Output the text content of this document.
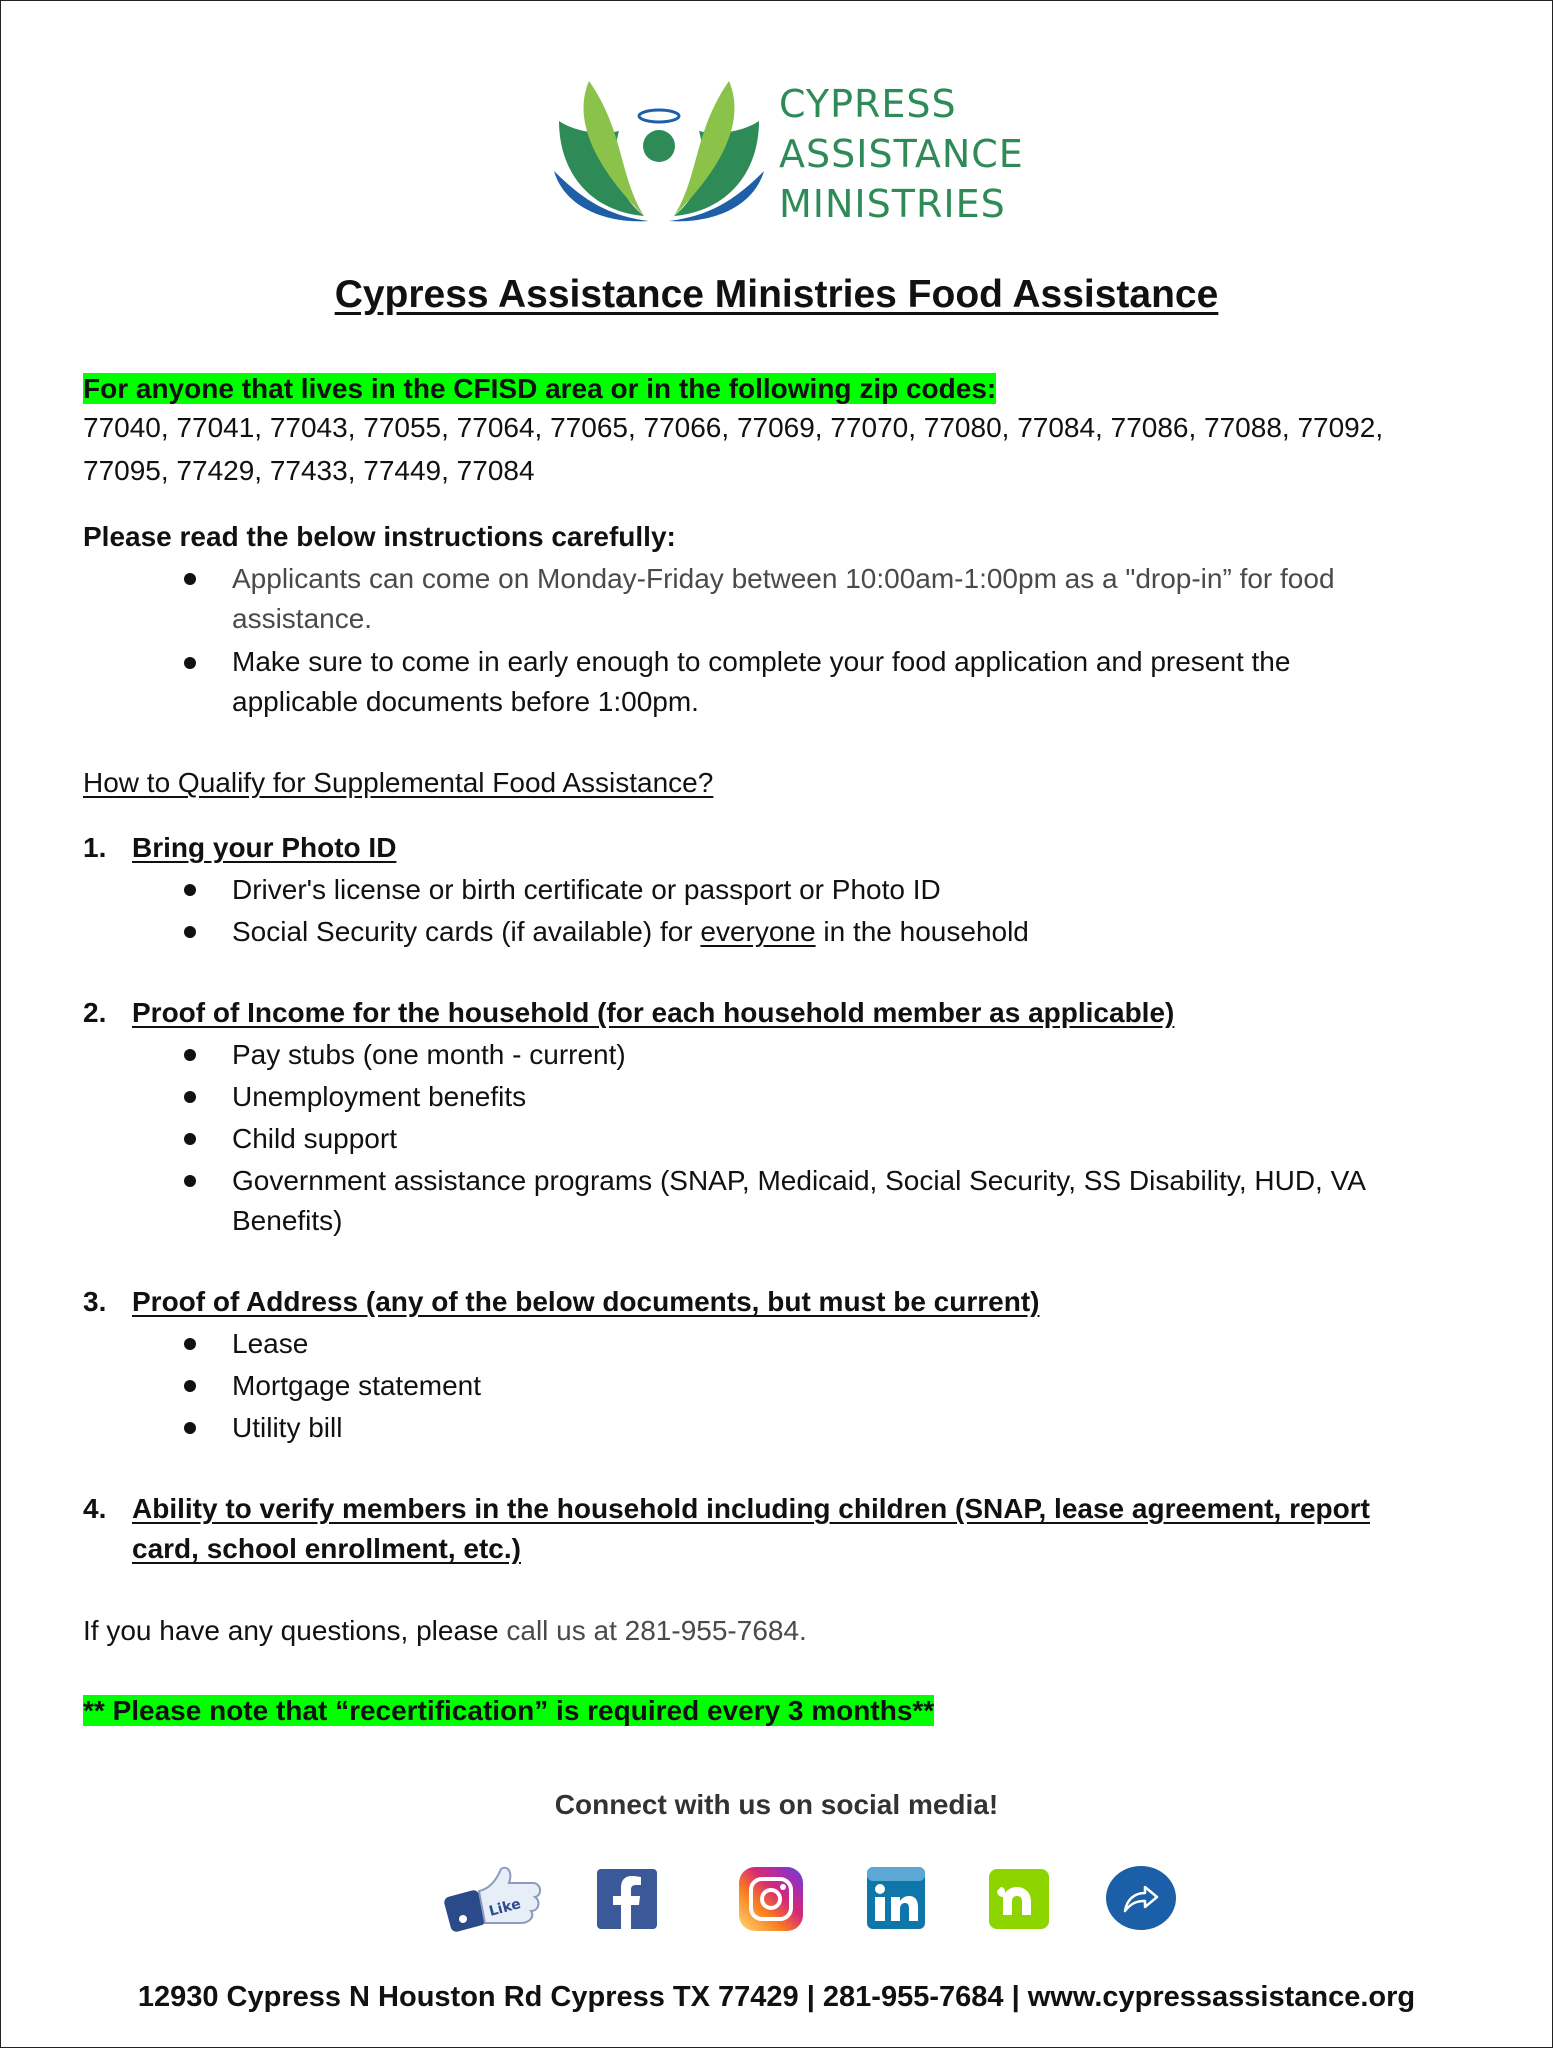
CYPRESS
ASSISTANCE
MINISTRIES
Cypress Assistance Ministries Food Assistance
For anyone that lives in the CFISD area or in the following zip codes:
77040, 77041, 77043, 77055, 77064, 77065, 77066, 77069, 77070, 77080, 77084, 77086, 77088, 77092,
77095, 77429, 77433, 77449, 77084
Please read the below instructions carefully:
Applicants can come on Monday-Friday between 10:00am-1:00pm as a "drop-in” for food
assistance.
Make sure to come in early enough to complete your food application and present the
applicable documents before 1:00pm.
How to Qualify for Supplemental Food Assistance?
1. Bring your Photo ID
Driver's license or birth certificate or passport or Photo ID
Social Security cards (if available) for everyone in the household
2. Proof of Income for the household (for each household member as applicable)
Pay stubs (one month - current)
Unemployment benefits
Child support
Government assistance programs (SNAP, Medicaid, Social Security, SS Disability, HUD, VA
Benefits)
3. Proof of Address (any of the below documents, but must be current)
Lease
Mortgage statement
Utility bill
4. Ability to verify members in the household including children (SNAP, lease agreement, report
card, school enrollment, etc.)
If you have any questions, please call us at 281-955-7684.
** Please note that “recertification” is required every 3 months**
Connect with us on social media!
Like
12930 Cypress N Houston Rd Cypress TX 77429 | 281-955-7684 | www.cypressassistance.org
